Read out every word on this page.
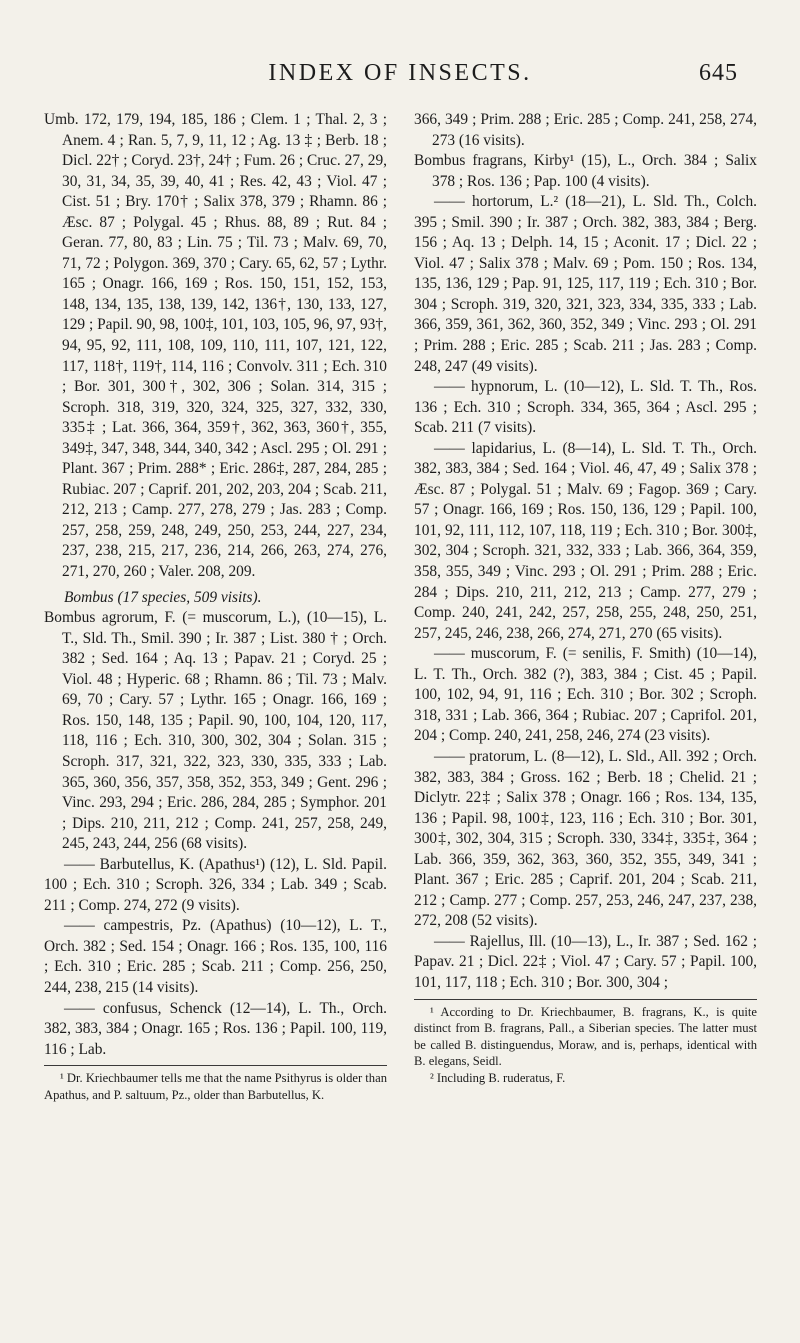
INDEX OF INSECTS.	645

Umb. 172, 179, 194, 185, 186 ; Clem. 1 ; Thal. 2, 3 ; Anem. 4 ; Ran. 5, 7, 9, 11, 12 ; Ag. 13 ‡ ; Berb. 18 ; Dicl. 22† ; Coryd. 23†, 24† ; Fum. 26 ; Cruc. 27, 29, 30, 31, 34, 35, 39, 40, 41 ; Res. 42, 43 ; Viol. 47 ; Cist. 51 ; Bry. 170† ; Salix 378, 379 ; Rhamn. 86 ; Æsc. 87 ; Polygal. 45 ; Rhus. 88, 89 ; Rut. 84 ; Geran. 77, 80, 83 ; Lin. 75 ; Til. 73 ; Malv. 69, 70, 71, 72 ; Polygon. 369, 370 ; Cary. 65, 62, 57 ; Lythr. 165 ; Onagr. 166, 169 ; Ros. 150, 151, 152, 153, 148, 134, 135, 138, 139, 142, 136†, 130, 133, 127, 129 ; Papil. 90, 98, 100‡, 101, 103, 105, 96, 97, 93†, 94, 95, 92, 111, 108, 109, 110, 111, 107, 121, 122, 117, 118†, 119†, 114, 116 ; Convolv. 311 ; Ech. 310 ; Bor. 301, 300†, 302, 306 ; Solan. 314, 315 ; Scroph. 318, 319, 320, 324, 325, 327, 332, 330, 335‡ ; Lat. 366, 364, 359†, 362, 363, 360†, 355, 349‡, 347, 348, 344, 340, 342 ; Ascl. 295 ; Ol. 291 ; Plant. 367 ; Prim. 288* ; Eric. 286‡, 287, 284, 285 ; Rubiac. 207 ; Caprif. 201, 202, 203, 204 ; Scab. 211, 212, 213 ; Camp. 277, 278, 279 ; Jas. 283 ; Comp. 257, 258, 259, 248, 249, 250, 253, 244, 227, 234, 237, 238, 215, 217, 236, 214, 266, 263, 274, 276, 271, 270, 260 ; Valer. 208, 209.

Bombus (17 species, 509 visits).

Bombus agrorum, F. (= muscorum, L.), (10—15), L. T., Sld. Th., Smil. 390 ; Ir. 387 ; List. 380 † ; Orch. 382 ; Sed. 164 ; Aq. 13 ; Papav. 21 ; Coryd. 25 ; Viol. 48 ; Hyperic. 68 ; Rhamn. 86 ; Til. 73 ; Malv. 69, 70 ; Cary. 57 ; Lythr. 165 ; Onagr. 166, 169 ; Ros. 150, 148, 135 ; Papil. 90, 100, 104, 120, 117, 118, 116 ; Ech. 310, 300, 302, 304 ; Solan. 315 ; Scroph. 317, 321, 322, 323, 330, 335, 333 ; Lab. 365, 360, 356, 357, 358, 352, 353, 349 ; Gent. 296 ; Vinc. 293, 294 ; Eric. 286, 284, 285 ; Symphor. 201 ; Dips. 210, 211, 212 ; Comp. 241, 257, 258, 249, 245, 243, 244, 256 (68 visits).

—— Barbutellus, K. (Apathus¹) (12), L. Sld. Papil. 100 ; Ech. 310 ; Scroph. 326, 334 ; Lab. 349 ; Scab. 211 ; Comp. 274, 272 (9 visits).

—— campestris, Pz. (Apathus) (10—12), L. T., Orch. 382 ; Sed. 154 ; Onagr. 166 ; Ros. 135, 100, 116 ; Ech. 310 ; Eric. 285 ; Scab. 211 ; Comp. 256, 250, 244, 238, 215 (14 visits).

—— confusus, Schenck (12—14), L. Th., Orch. 382, 383, 384 ; Onagr. 165 ; Ros. 136 ; Papil. 100, 119, 116 ; Lab.

¹ Dr. Kriechbaumer tells me that the name Psithyrus is older than Apathus, and P. saltuum, Pz., older than Barbutellus, K.

366, 349 ; Prim. 288 ; Eric. 285 ; Comp. 241, 258, 274, 273 (16 visits).

Bombus fragrans, Kirby¹ (15), L., Orch. 384 ; Salix 378 ; Ros. 136 ; Pap. 100 (4 visits).

—— hortorum, L.² (18—21), L. Sld. Th., Colch. 395 ; Smil. 390 ; Ir. 387 ; Orch. 382, 383, 384 ; Berg. 156 ; Aq. 13 ; Delph. 14, 15 ; Aconit. 17 ; Dicl. 22 ; Viol. 47 ; Salix 378 ; Malv. 69 ; Pom. 150 ; Ros. 134, 135, 136, 129 ; Pap. 91, 125, 117, 119 ; Ech. 310 ; Bor. 304 ; Scroph. 319, 320, 321, 323, 334, 335, 333 ; Lab. 366, 359, 361, 362, 360, 352, 349 ; Vinc. 293 ; Ol. 291 ; Prim. 288 ; Eric. 285 ; Scab. 211 ; Jas. 283 ; Comp. 248, 247 (49 visits).

—— hypnorum, L. (10—12), L. Sld. T. Th., Ros. 136 ; Ech. 310 ; Scroph. 334, 365, 364 ; Ascl. 295 ; Scab. 211 (7 visits).

—— lapidarius, L. (8—14), L. Sld. T. Th., Orch. 382, 383, 384 ; Sed. 164 ; Viol. 46, 47, 49 ; Salix 378 ; Æsc. 87 ; Polygal. 51 ; Malv. 69 ; Fagop. 369 ; Cary. 57 ; Onagr. 166, 169 ; Ros. 150, 136, 129 ; Papil. 100, 101, 92, 111, 112, 107, 118, 119 ; Ech. 310 ; Bor. 300‡, 302, 304 ; Scroph. 321, 332, 333 ; Lab. 366, 364, 359, 358, 355, 349 ; Vinc. 293 ; Ol. 291 ; Prim. 288 ; Eric. 284 ; Dips. 210, 211, 212, 213 ; Camp. 277, 279 ; Comp. 240, 241, 242, 257, 258, 255, 248, 250, 251, 257, 245, 246, 238, 266, 274, 271, 270 (65 visits).

—— muscorum, F. (= senilis, F. Smith) (10—14), L. T. Th., Orch. 382 (?), 383, 384 ; Cist. 45 ; Papil. 100, 102, 94, 91, 116 ; Ech. 310 ; Bor. 302 ; Scroph. 318, 331 ; Lab. 366, 364 ; Rubiac. 207 ; Caprifol. 201, 204 ; Comp. 240, 241, 258, 246, 274 (23 visits).

—— pratorum, L. (8—12), L. Sld., All. 392 ; Orch. 382, 383, 384 ; Gross. 162 ; Berb. 18 ; Chelid. 21 ; Diclytr. 22‡ ; Salix 378 ; Onagr. 166 ; Ros. 134, 135, 136 ; Papil. 98, 100‡, 123, 116 ; Ech. 310 ; Bor. 301, 300‡, 302, 304, 315 ; Scroph. 330, 334‡, 335‡, 364 ; Lab. 366, 359, 362, 363, 360, 352, 355, 349, 341 ; Plant. 367 ; Eric. 285 ; Caprif. 201, 204 ; Scab. 211, 212 ; Camp. 277 ; Comp. 257, 253, 246, 247, 237, 238, 272, 208 (52 visits).

—— Rajellus, Ill. (10—13), L., Ir. 387 ; Sed. 162 ; Papav. 21 ; Dicl. 22‡ ; Viol. 47 ; Cary. 57 ; Papil. 100, 101, 117, 118 ; Ech. 310 ; Bor. 300, 304 ;

¹ According to Dr. Kriechbaumer, B. fragrans, K., is quite distinct from B. fragrans, Pall., a Siberian species. The latter must be called B. distinguendus, Moraw, and is, perhaps, identical with B. elegans, Seidl.

² Including B. ruderatus, F.
